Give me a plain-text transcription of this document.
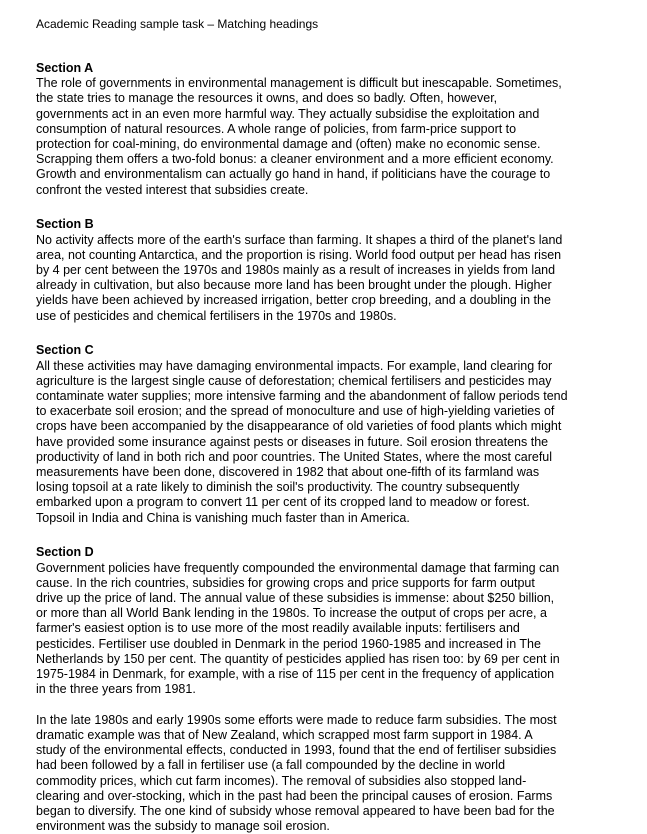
Academic Reading sample task – Matching headings
Section A
The role of governments in environmental management is difficult but inescapable. Sometimes,
the state tries to manage the resources it owns, and does so badly. Often, however,
governments act in an even more harmful way. They actually subsidise the exploitation and
consumption of natural resources. A whole range of policies, from farm-price support to
protection for coal-mining, do environmental damage and (often) make no economic sense.
Scrapping them offers a two-fold bonus: a cleaner environment and a more efficient economy.
Growth and environmentalism can actually go hand in hand, if politicians have the courage to
confront the vested interest that subsidies create.
Section B
No activity affects more of the earth's surface than farming. It shapes a third of the planet's land
area, not counting Antarctica, and the proportion is rising. World food output per head has risen
by 4 per cent between the 1970s and 1980s mainly as a result of increases in yields from land
already in cultivation, but also because more land has been brought under the plough. Higher
yields have been achieved by increased irrigation, better crop breeding, and a doubling in the
use of pesticides and chemical fertilisers in the 1970s and 1980s.
Section C
All these activities may have damaging environmental impacts. For example, land clearing for
agriculture is the largest single cause of deforestation; chemical fertilisers and pesticides may
contaminate water supplies; more intensive farming and the abandonment of fallow periods tend
to exacerbate soil erosion; and the spread of monoculture and use of high-yielding varieties of
crops have been accompanied by the disappearance of old varieties of food plants which might
have provided some insurance against pests or diseases in future. Soil erosion threatens the
productivity of land in both rich and poor countries. The United States, where the most careful
measurements have been done, discovered in 1982 that about one-fifth of its farmland was
losing topsoil at a rate likely to diminish the soil's productivity. The country subsequently
embarked upon a program to convert 11 per cent of its cropped land to meadow or forest.
Topsoil in India and China is vanishing much faster than in America.
Section D
Government policies have frequently compounded the environmental damage that farming can
cause. In the rich countries, subsidies for growing crops and price supports for farm output
drive up the price of land. The annual value of these subsidies is immense: about $250 billion,
or more than all World Bank lending in the 1980s. To increase the output of crops per acre, a
farmer's easiest option is to use more of the most readily available inputs: fertilisers and
pesticides. Fertiliser use doubled in Denmark in the period 1960-1985 and increased in The
Netherlands by 150 per cent. The quantity of pesticides applied has risen too: by 69 per cent in
1975-1984 in Denmark, for example, with a rise of 115 per cent in the frequency of application
in the three years from 1981.
In the late 1980s and early 1990s some efforts were made to reduce farm subsidies. The most
dramatic example was that of New Zealand, which scrapped most farm support in 1984. A
study of the environmental effects, conducted in 1993, found that the end of fertiliser subsidies
had been followed by a fall in fertiliser use (a fall compounded by the decline in world
commodity prices, which cut farm incomes). The removal of subsidies also stopped land-
clearing and over-stocking, which in the past had been the principal causes of erosion. Farms
began to diversify. The one kind of subsidy whose removal appeared to have been bad for the
environment was the subsidy to manage soil erosion.
